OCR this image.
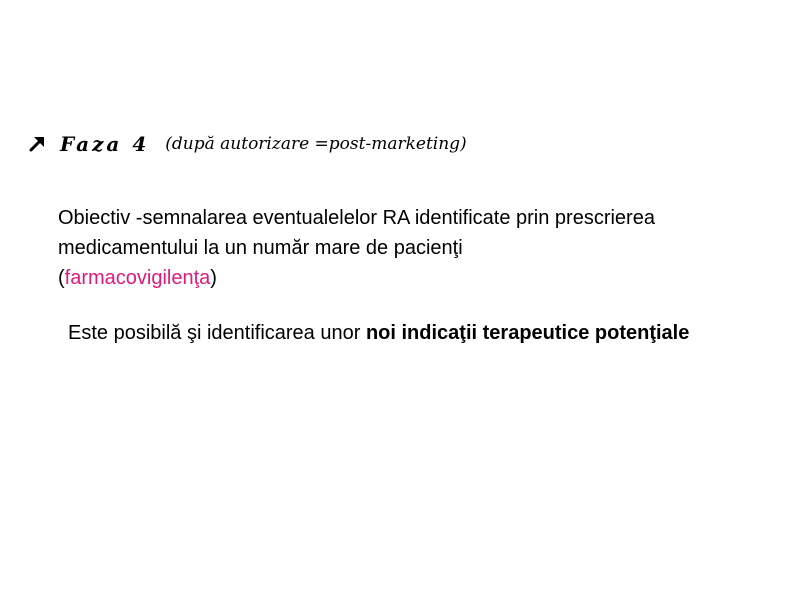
Faza 4 (după autorizare =post-marketing)
Obiectiv -semnalarea eventualelelor RA identificate prin prescrierea medicamentului la un număr mare de pacienţi
(farmacovigilenţa)
Este posibilă şi identificarea unor noi indicaţii terapeutice potenţiale
